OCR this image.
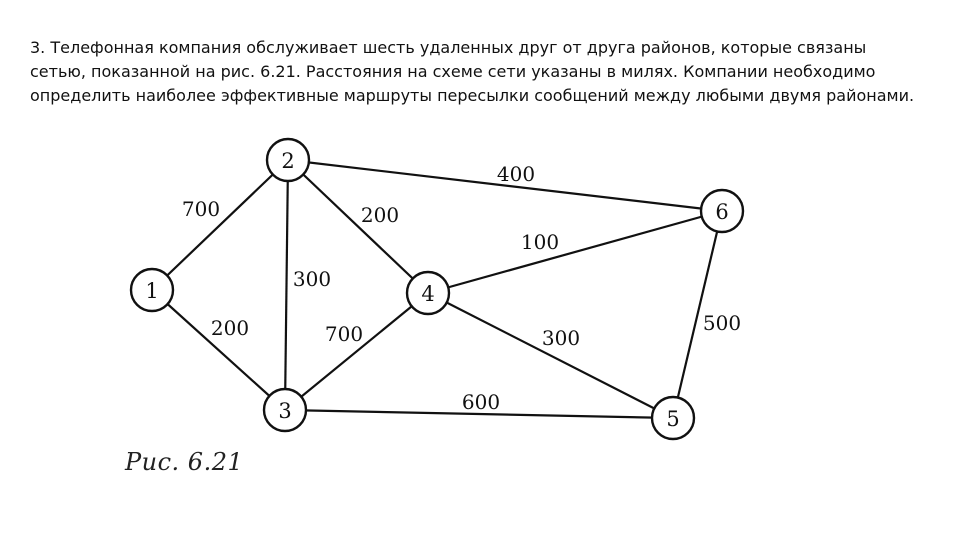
3. Телефонная компания обслуживает шесть удаленных друг от друга районов, которые связаны
сетью, показанной на рис. 6.21. Расстояния на схеме сети указаны в милях. Компании необходимо
определить наиболее эффективные маршруты пересылки сообщений между любыми двумя районами.
700
200
300
200
400
700
600
300
100
500
1
2
3
4
5
6
Рис. 6.21
